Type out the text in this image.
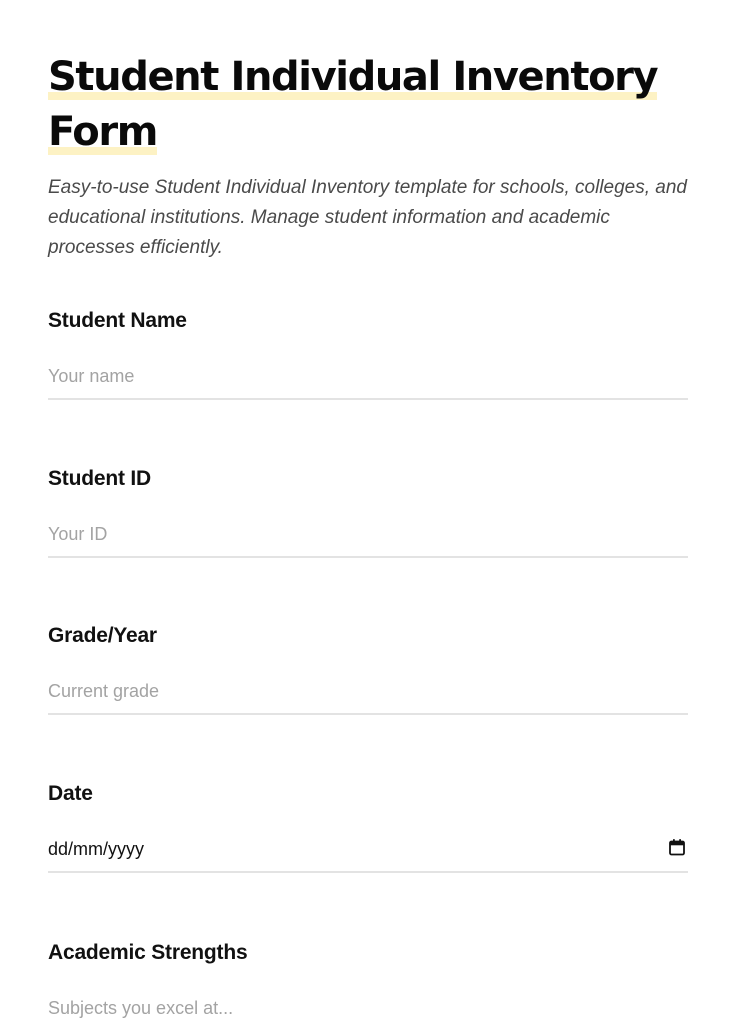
Student Individual Inventory Form

Easy-to-use Student Individual Inventory template for schools, colleges, and educational institutions. Manage student information and academic processes efficiently.

Student Name
Your name
Student ID
Your ID
Grade/Year
Current grade
Date
dd/mm/yyyy
Academic Strengths
Subjects you excel at...
